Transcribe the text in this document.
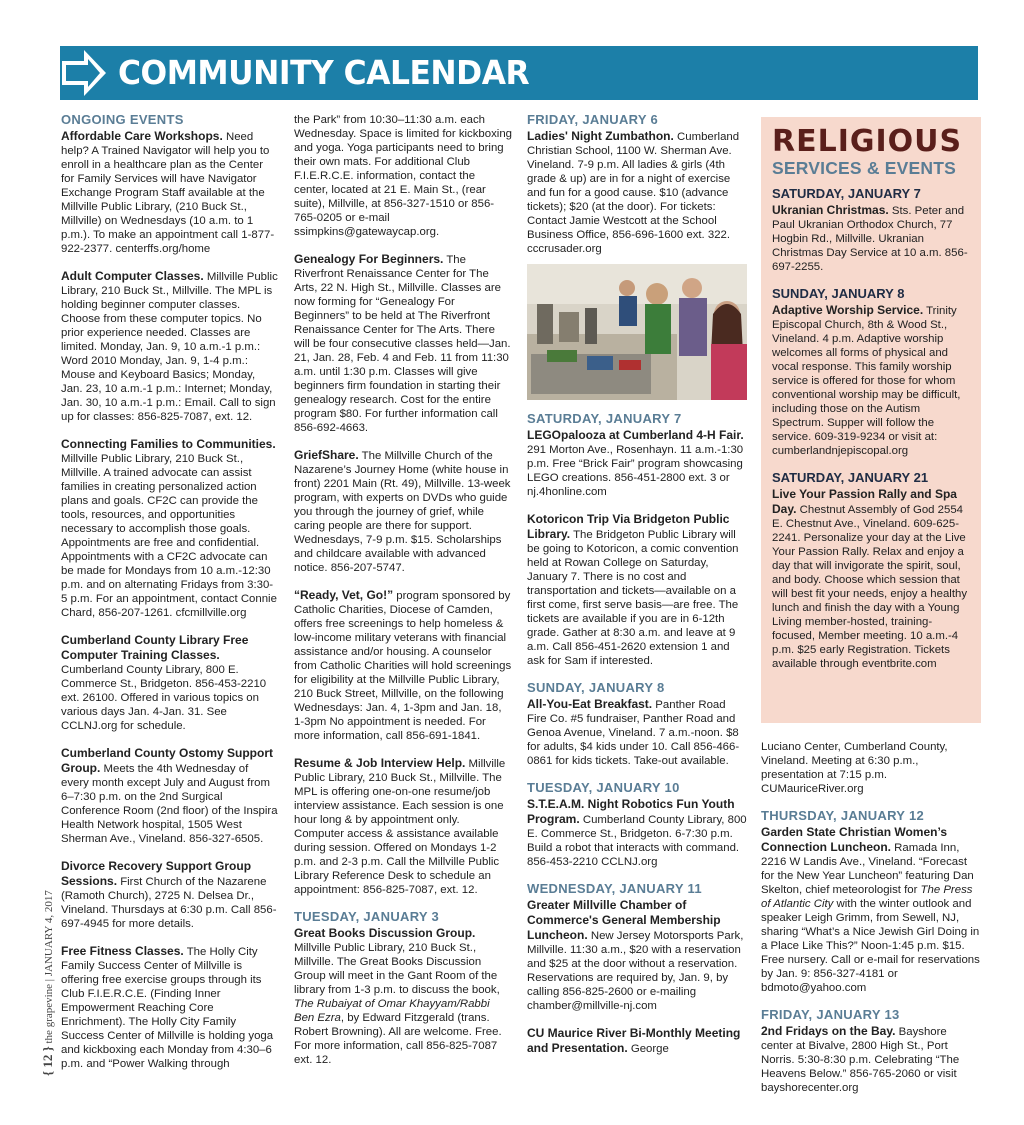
COMMUNITY CALENDAR
ONGOING EVENTS
Affordable Care Workshops. Need help? A Trained Navigator will help you to enroll in a healthcare plan as the Center for Family Services will have Navigator Exchange Program Staff available at the Millville Public Library, (210 Buck St., Millville) on Wednesdays (10 a.m. to 1 p.m.). To make an appointment call 1-877-922-2377. centerffs.org/home
Adult Computer Classes. Millville Public Library, 210 Buck St., Millville. The MPL is holding beginner computer classes. Choose from these computer topics. No prior experience needed. Classes are limited. Monday, Jan. 9, 10 a.m.-1 p.m.: Word 2010 Monday, Jan. 9, 1-4 p.m.: Mouse and Keyboard Basics; Monday, Jan. 23, 10 a.m.-1 p.m.: Internet; Monday, Jan. 30, 10 a.m.-1 p.m.: Email. Call to sign up for classes: 856-825-7087, ext. 12.
Connecting Families to Communities. Millville Public Library, 210 Buck St., Millville. A trained advocate can assist families in creating personalized action plans and goals. CF2C can provide the tools, resources, and opportunities necessary to accomplish those goals. Appointments are free and confidential. Appointments with a CF2C advocate can be made for Mondays from 10 a.m.-12:30 p.m. and on alternating Fridays from 3:30-5 p.m. For an appointment, contact Connie Chard, 856-207-1261. cfcmillville.org
Cumberland County Library Free Computer Training Classes. Cumberland County Library, 800 E. Commerce St., Bridgeton. 856-453-2210 ext. 26100. Offered in various topics on various days Jan. 4-Jan. 31. See CCLNJ.org for schedule.
Cumberland County Ostomy Support Group. Meets the 4th Wednesday of every month except July and August from 6–7:30 p.m. on the 2nd Surgical Conference Room (2nd floor) of the Inspira Health Network hospital, 1505 West Sherman Ave., Vineland. 856-327-6505.
Divorce Recovery Support Group Sessions. First Church of the Nazarene (Ramoth Church), 2725 N. Delsea Dr., Vineland. Thursdays at 6:30 p.m. Call 856-697-4945 for more details.
Free Fitness Classes. The Holly City Family Success Center of Millville is offering free exercise groups through its Club F.I.E.R.C.E. (Finding Inner Empowerment Reaching Core Enrichment). The Holly City Family Success Center of Millville is holding yoga and kickboxing each Monday from 4:30–6 p.m. and “Power Walking through
the Park” from 10:30–11:30 a.m. each Wednesday. Space is limited for kickboxing and yoga. Yoga participants need to bring their own mats. For additional Club F.I.E.R.C.E. information, contact the center, located at 21 E. Main St., (rear suite), Millville, at 856-327-1510 or 856-765-0205 or e-mail ssimpkins@gatewaycap.org.
Genealogy For Beginners. The Riverfront Renaissance Center for The Arts, 22 N. High St., Millville. Classes are now forming for “Genealogy For Beginners” to be held at The Riverfront Renaissance Center for The Arts. There will be four consecutive classes held—Jan. 21, Jan. 28, Feb. 4 and Feb. 11 from 11:30 a.m. until 1:30 p.m. Classes will give beginners firm foundation in starting their genealogy research. Cost for the entire program $80. For further information call 856-692-4663.
GriefShare. The Millville Church of the Nazarene’s Journey Home (white house in front) 2201 Main (Rt. 49), Millville. 13-week program, with experts on DVDs who guide you through the journey of grief, while caring people are there for support. Wednesdays, 7-9 p.m. $15. Scholarships and childcare available with advanced notice. 856-207-5747.
“Ready, Vet, Go!” program sponsored by Catholic Charities, Diocese of Camden, offers free screenings to help homeless & low-income military veterans with financial assistance and/or housing. A counselor from Catholic Charities will hold screenings for eligibility at the Millville Public Library, 210 Buck Street, Millville, on the following Wednesdays: Jan. 4, 1-3pm and Jan. 18, 1-3pm No appointment is needed. For more information, call 856-691-1841.
Resume & Job Interview Help. Millville Public Library, 210 Buck St., Millville. The MPL is offering one-on-one resume/job interview assistance. Each session is one hour long & by appointment only. Computer access & assistance available during session. Offered on Mondays 1-2 p.m. and 2-3 p.m. Call the Millville Public Library Reference Desk to schedule an appointment: 856-825-7087, ext. 12.
TUESDAY, JANUARY 3
Great Books Discussion Group. Millville Public Library, 210 Buck St., Millville. The Great Books Discussion Group will meet in the Gant Room of the library from 1-3 p.m. to discuss the book, The Rubaiyat of Omar Khayyam/Rabbi Ben Ezra, by Edward Fitzgerald (trans. Robert Browning). All are welcome. Free. For more information, call 856-825-7087 ext. 12.
FRIDAY, JANUARY 6
Ladies' Night Zumbathon. Cumberland Christian School, 1100 W. Sherman Ave. Vineland. 7-9 p.m. All ladies & girls (4th grade & up) are in for a night of exercise and fun for a good cause. $10 (advance tickets); $20 (at the door). For tickets: Contact Jamie Westcott at the School Business Office, 856-696-1600 ext. 322. cccrusader.org
SATURDAY, JANUARY 7
LEGOpalooza at Cumberland 4-H Fair. 291 Morton Ave., Rosenhayn. 11 a.m.-1:30 p.m. Free “Brick Fair” program showcasing LEGO creations. 856-451-2800 ext. 3 or nj.4honline.com
Kotoricon Trip Via Bridgeton Public Library. The Bridgeton Public Library will be going to Kotoricon, a comic convention held at Rowan College on Saturday, January 7. There is no cost and transportation and tickets—available on a first come, first serve basis—are free. The tickets are available if you are in 6-12th grade. Gather at 8:30 a.m. and leave at 9 a.m. Call 856-451-2620 extension 1 and ask for Sam if interested.
SUNDAY, JANUARY 8
All-You-Eat Breakfast. Panther Road Fire Co. #5 fundraiser, Panther Road and Genoa Avenue, Vineland. 7 a.m.-noon. $8 for adults, $4 kids under 10. Call 856-466-0861 for kids tickets. Take-out available.
TUESDAY, JANUARY 10
S.T.E.A.M. Night Robotics Fun Youth Program. Cumberland County Library, 800 E. Commerce St., Bridgeton. 6-7:30 p.m. Build a robot that interacts with command. 856-453-2210 CCLNJ.org
WEDNESDAY, JANUARY 11
Greater Millville Chamber of Commerce's General Membership Luncheon. New Jersey Motorsports Park, Millville. 11:30 a.m., $20 with a reservation and $25 at the door without a reservation. Reservations are required by, Jan. 9, by calling 856-825-2600 or e-mailing chamber@millville-nj.com
CU Maurice River Bi-Monthly Meeting and Presentation. George
RELIGIOUS
SERVICES & EVENTS
SATURDAY, JANUARY 7
Ukranian Christmas. Sts. Peter and Paul Ukranian Orthodox Church, 77 Hogbin Rd., Millville. Ukranian Christmas Day Service at 10 a.m. 856-697-2255.
SUNDAY, JANUARY 8
Adaptive Worship Service. Trinity Episcopal Church, 8th & Wood St., Vineland. 4 p.m. Adaptive worship welcomes all forms of physical and vocal response. This family worship service is offered for those for whom conventional worship may be difficult, including those on the Autism Spectrum. Supper will follow the service. 609-319-9234 or visit at: cumberlandnjepiscopal.org
SATURDAY, JANUARY 21
Live Your Passion Rally and Spa Day. Chestnut Assembly of God 2554 E. Chestnut Ave., Vineland. 609-625-2241. Personalize your day at the Live Your Passion Rally. Relax and enjoy a day that will invigorate the spirit, soul, and body. Choose which session that will best fit your needs, enjoy a healthy lunch and finish the day with a Young Living member-hosted, training-focused, Member meeting. 10 a.m.-4 p.m. $25 early Registration. Tickets available through eventbrite.com
Luciano Center, Cumberland County, Vineland. Meeting at 6:30 p.m., presentation at 7:15 p.m. CUMauriceRiver.org
THURSDAY, JANUARY 12
Garden State Christian Women’s Connection Luncheon. Ramada Inn, 2216 W Landis Ave., Vineland. “Forecast for the New Year Luncheon” featuring Dan Skelton, chief meteorologist for The Press of Atlantic City with the winter outlook and speaker Leigh Grimm, from Sewell, NJ, sharing “What’s a Nice Jewish Girl Doing in a Place Like This?” Noon-1:45 p.m. $15. Free nursery. Call or e-mail for reservations by Jan. 9: 856-327-4181 or bdmoto@yahoo.com
FRIDAY, JANUARY 13
2nd Fridays on the Bay. Bayshore center at Bivalve, 2800 High St., Port Norris. 5:30-8:30 p.m. Celebrating “The Heavens Below.” 856-765-2060 or visit bayshorecenter.org
{ 12 } the grapevine | JANUARY 4, 2017
